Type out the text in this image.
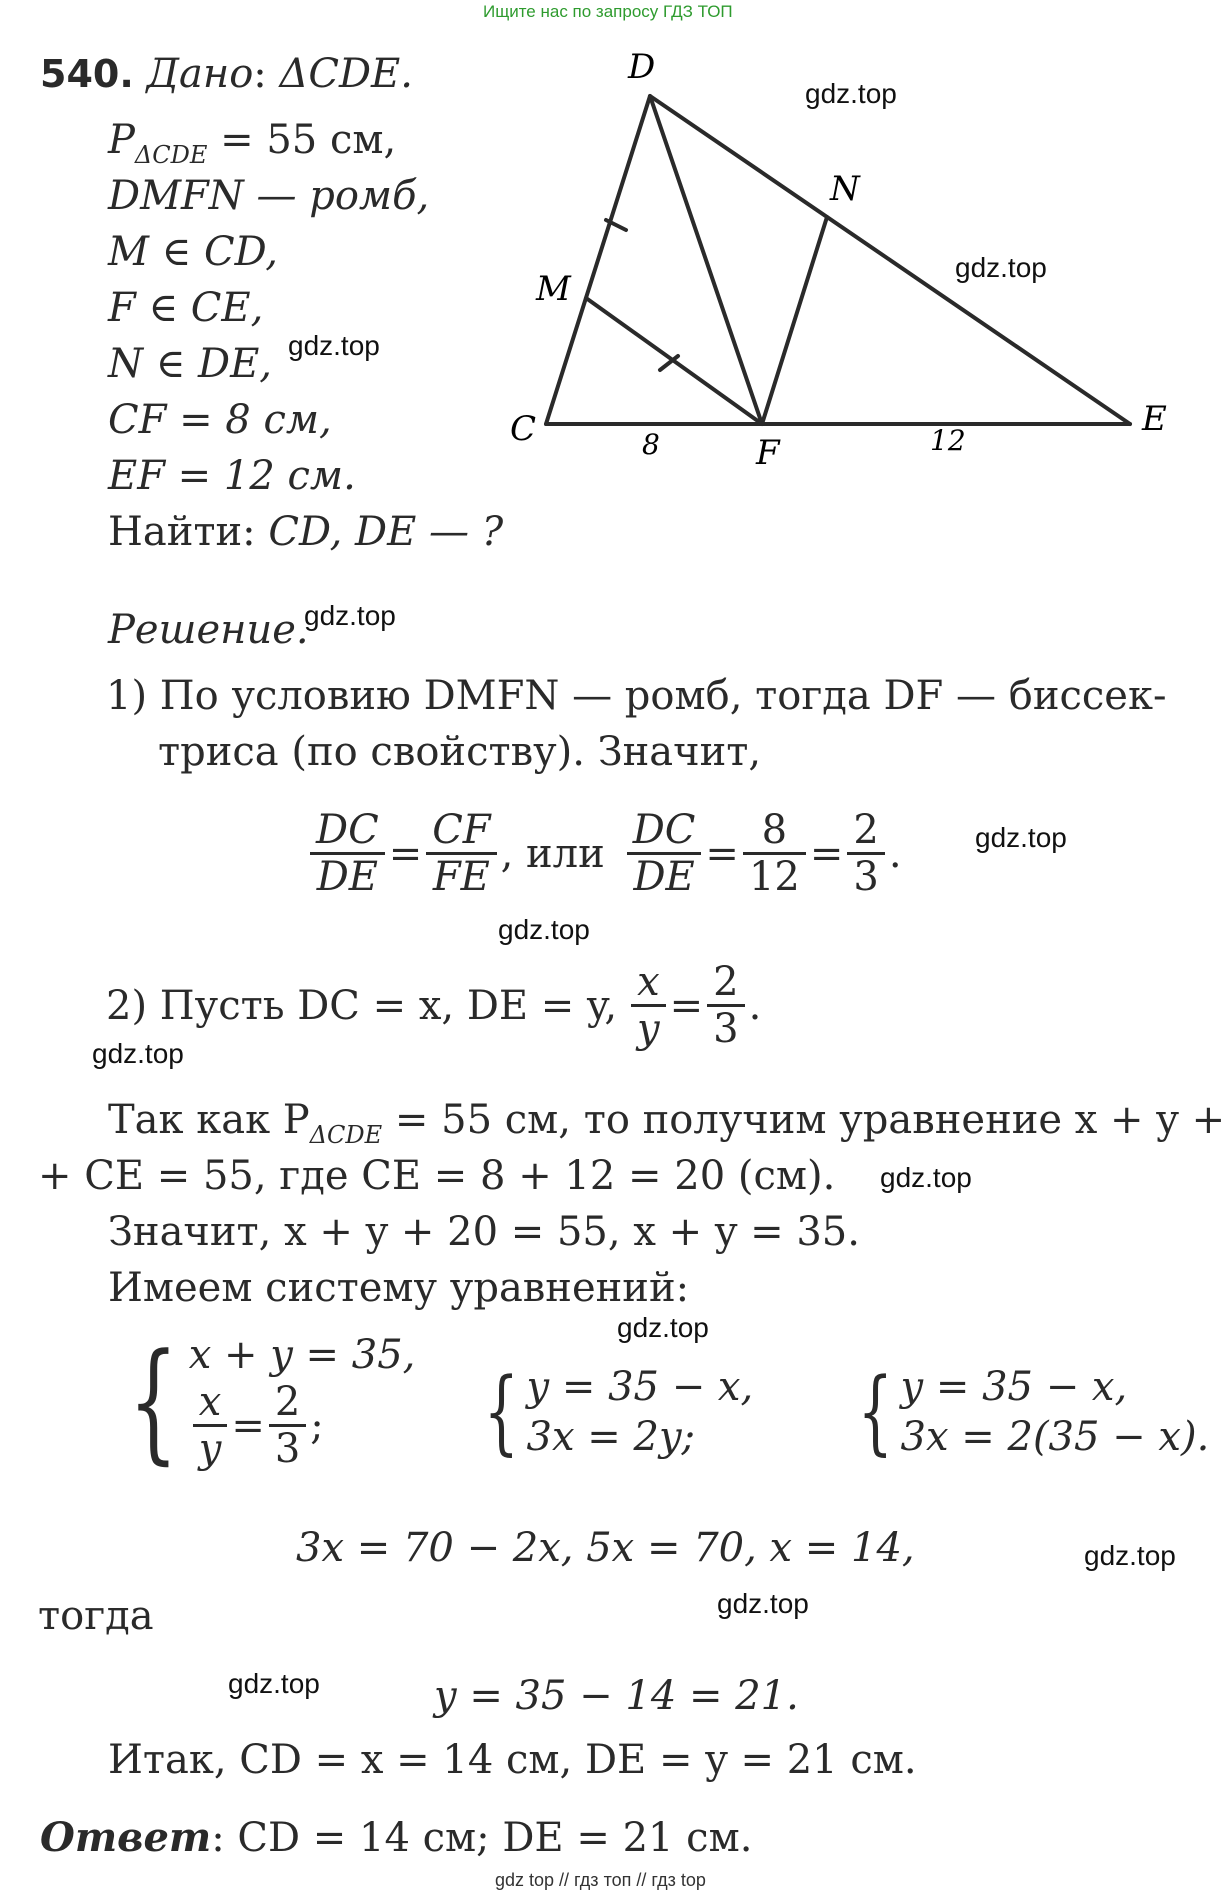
Ищите нас по запросу ГДЗ ТОП
540. Дано: ΔCDE.
$P_{\Delta CDE} = 55$ см,
DMFN — ромб,
M ∈ CD,
F ∈ CE,
N ∈ DE,
CF = 8 см,
EF = 12 см.
Найти: CD, DE — ?
D
N
M
C
F
E
8	12
Решение.
1) По условию DMFN — ромб, тогда DF — биссек-
триса (по свойству). Значит,
$\frac{DC}{DE} = \frac{CF}{FE}$ , или $\frac{DC}{DE} = \frac{8}{12} = \frac{2}{3}$ .
2) Пусть DC = x, DE = y, $\frac{x}{y} = \frac{2}{3}$ .
Так как $P_{\Delta CDE} = 55$ см, то получим уравнение x + y +
+ CE = 55, где CE = 8 + 12 = 20 (см).
Значит, x + y + 20 = 55, x + y = 35.
Имеем систему уравнений:
{ x + y = 35,
$\frac{x}{y} = \frac{2}{3}$ ; { y = 35 − x,
3x = 2y;	{ y = 35 − x,
3x = 2(35 − x).
3x = 70 − 2x, 5x = 70, x = 14,
тогда
y = 35 − 14 = 21.
Итак, CD = x = 14 см, DE = y = 21 см.
Ответ: CD = 14 см; DE = 21 см.
gdz.top
gdz.top
gdz.top
gdz.top
gdz.top
gdz.top
gdz.top
gdz.top
gdz.top
gdz.top
gdz.top
gdz.top
gdz top // гдз топ // гдз top
